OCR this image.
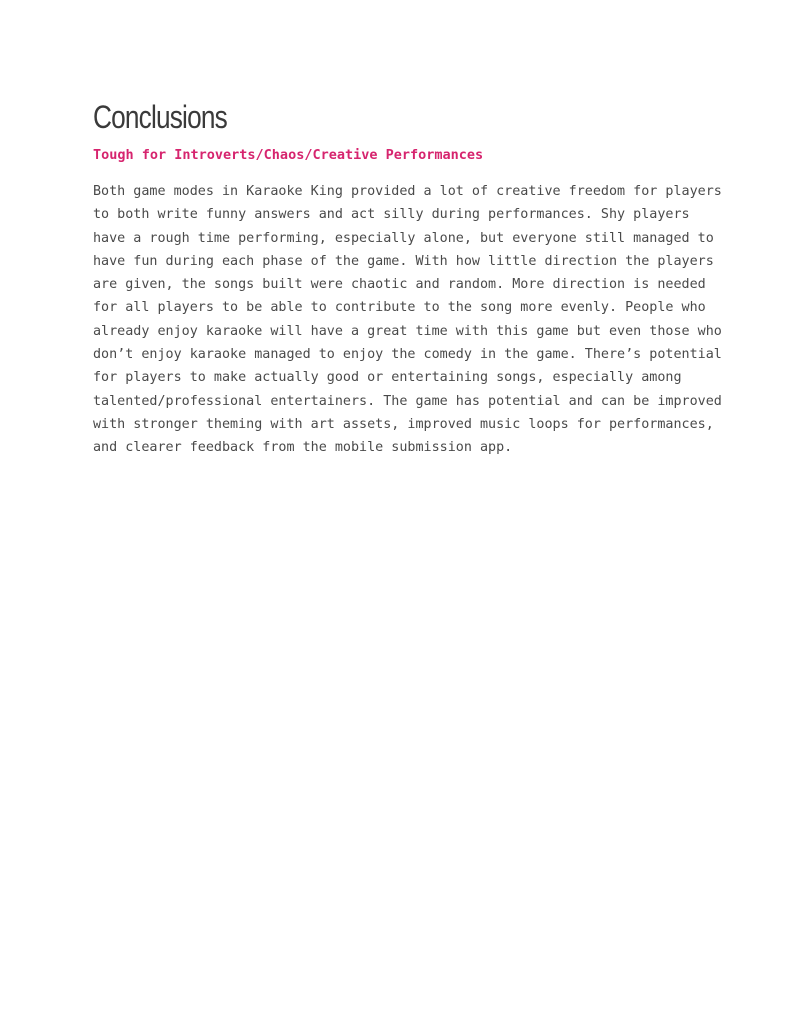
Conclusions
Tough for Introverts/Chaos/Creative Performances

Both game modes in Karaoke King provided a lot of creative freedom for players
to both write funny answers and act silly during performances. Shy players
have a rough time performing, especially alone, but everyone still managed to
have fun during each phase of the game. With how little direction the players
are given, the songs built were chaotic and random. More direction is needed
for all players to be able to contribute to the song more evenly. People who
already enjoy karaoke will have a great time with this game but even those who
don’t enjoy karaoke managed to enjoy the comedy in the game. There’s potential
for players to make actually good or entertaining songs, especially among
talented/professional entertainers. The game has potential and can be improved
with stronger theming with art assets, improved music loops for performances,
and clearer feedback from the mobile submission app.
